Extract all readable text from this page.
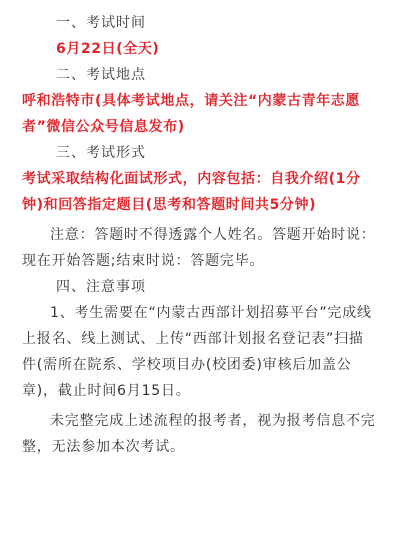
一、考试时间

6月22日(全天)

二、考试地点

呼和浩特市(具体考试地点，请关注“内蒙古青年志愿者”微信公众号信息发布)

三、考试形式

考试采取结构化面试形式，内容包括：自我介绍(1分钟)和回答指定题目(思考和答题时间共5分钟)

注意：答题时不得透露个人姓名。答题开始时说：现在开始答题;结束时说：答题完毕。

四、注意事项

1、考生需要在“内蒙古西部计划招募平台”完成线上报名、线上测试、上传“西部计划报名登记表”扫描件(需所在院系、学校项目办(校团委)审核后加盖公章)，截止时间6月15日。

未完整完成上述流程的报考者，视为报考信息不完整，无法参加本次考试。
